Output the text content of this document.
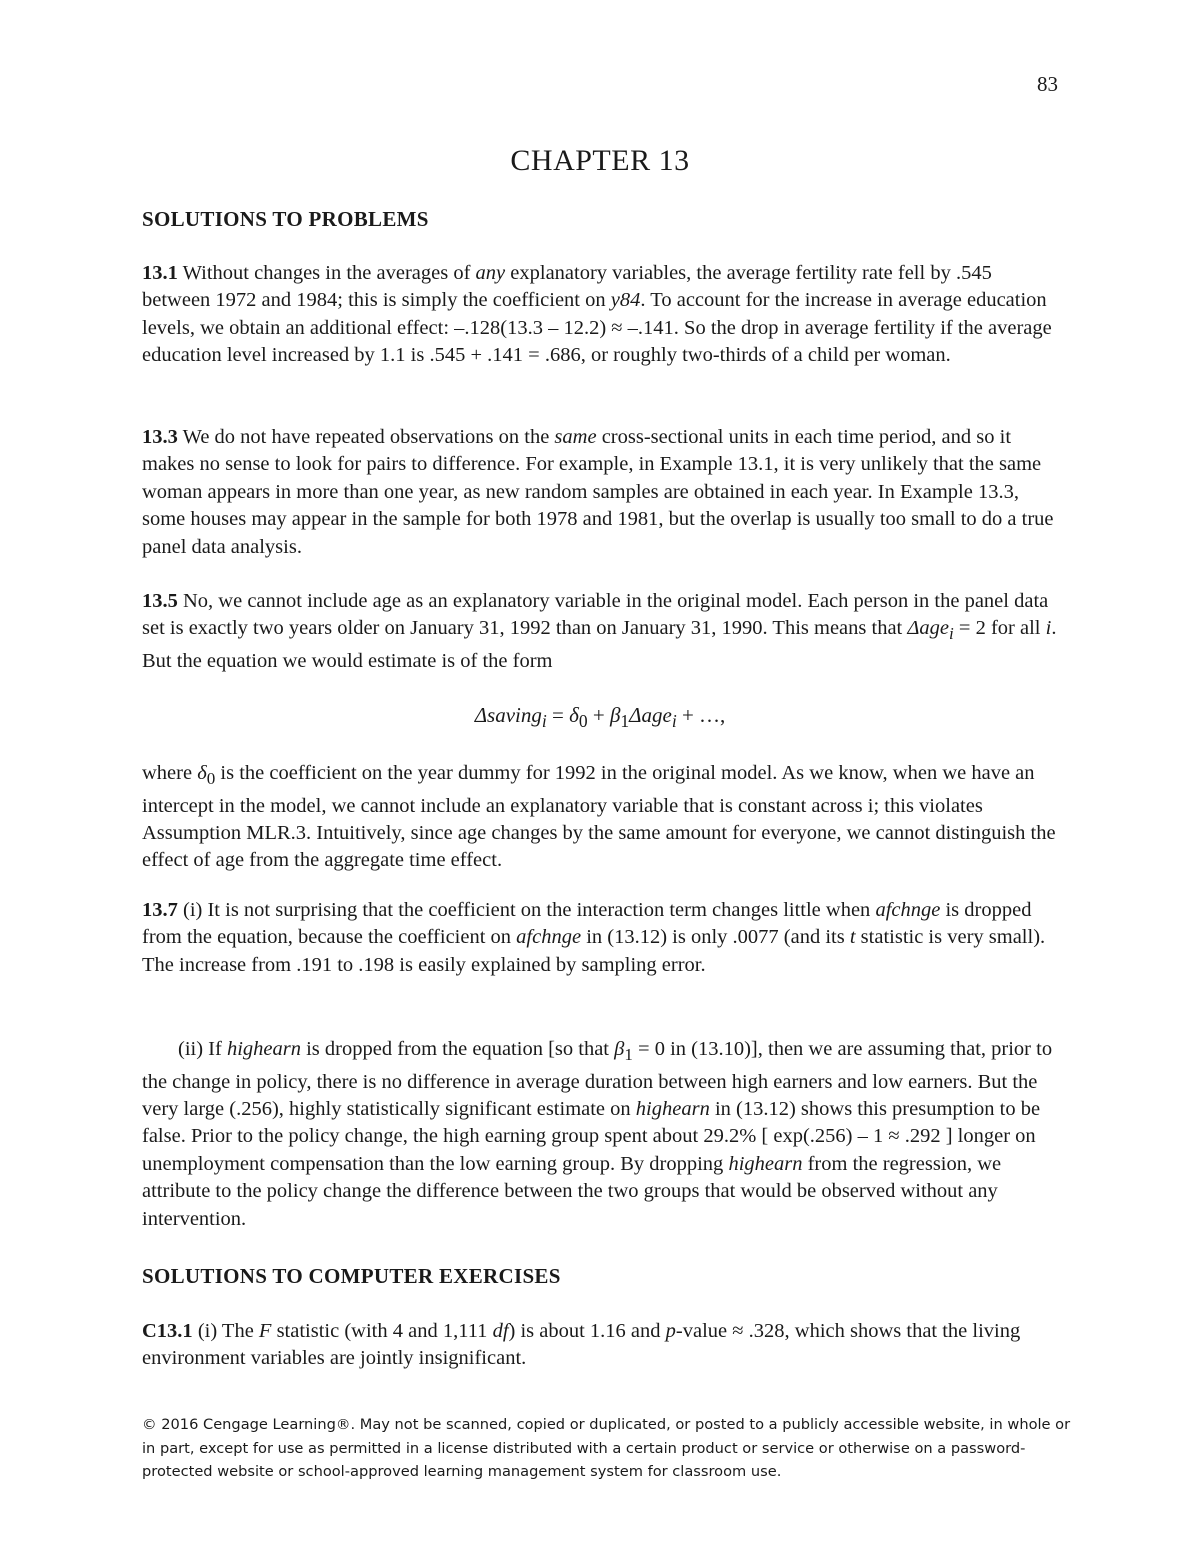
83
CHAPTER 13
SOLUTIONS TO PROBLEMS

13.1 Without changes in the averages of any explanatory variables, the average fertility rate fell by .545 between 1972 and 1984; this is simply the coefficient on y84. To account for the increase in average education levels, we obtain an additional effect: –.128(13.3 – 12.2) ≈ –.141. So the drop in average fertility if the average education level increased by 1.1 is .545 + .141 = .686, or roughly two-thirds of a child per woman.

13.3 We do not have repeated observations on the same cross-sectional units in each time period, and so it makes no sense to look for pairs to difference. For example, in Example 13.1, it is very unlikely that the same woman appears in more than one year, as new random samples are obtained in each year. In Example 13.3, some houses may appear in the sample for both 1978 and 1981, but the overlap is usually too small to do a true panel data analysis.

13.5 No, we cannot include age as an explanatory variable in the original model. Each person in the panel data set is exactly two years older on January 31, 1992 than on January 31, 1990. This means that Δage$_i$ = 2 for all i. But the equation we would estimate is of the form

Δsaving$_i$ = $\delta_0 + \beta_1\Delta age_i$ + …,

where $\delta_0$ is the coefficient on the year dummy for 1992 in the original model. As we know, when we have an intercept in the model, we cannot include an explanatory variable that is constant across i; this violates Assumption MLR.3. Intuitively, since age changes by the same amount for everyone, we cannot distinguish the effect of age from the aggregate time effect.

13.7 (i) It is not surprising that the coefficient on the interaction term changes little when afchnge is dropped from the equation, because the coefficient on afchnge in (13.12) is only .0077 (and its t statistic is very small). The increase from .191 to .198 is easily explained by sampling error.

(ii) If highearn is dropped from the equation [so that $\beta_1 = 0$ in (13.10)], then we are assuming that, prior to the change in policy, there is no difference in average duration between high earners and low earners. But the very large (.256), highly statistically significant estimate on highearn in (13.12) shows this presumption to be false. Prior to the policy change, the high earning group spent about 29.2% [ exp(.256) – 1 ≈ .292 ] longer on unemployment compensation than the low earning group. By dropping highearn from the regression, we attribute to the policy change the difference between the two groups that would be observed without any intervention.

SOLUTIONS TO COMPUTER EXERCISES

C13.1 (i) The F statistic (with 4 and 1,111 df) is about 1.16 and p-value ≈ .328, which shows that the living environment variables are jointly insignificant.

© 2016 Cengage Learning®. May not be scanned, copied or duplicated, or posted to a publicly accessible website, in whole or in part, except for use as permitted in a license distributed with a certain product or service or otherwise on a password-protected website or school-approved learning management system for classroom use.
